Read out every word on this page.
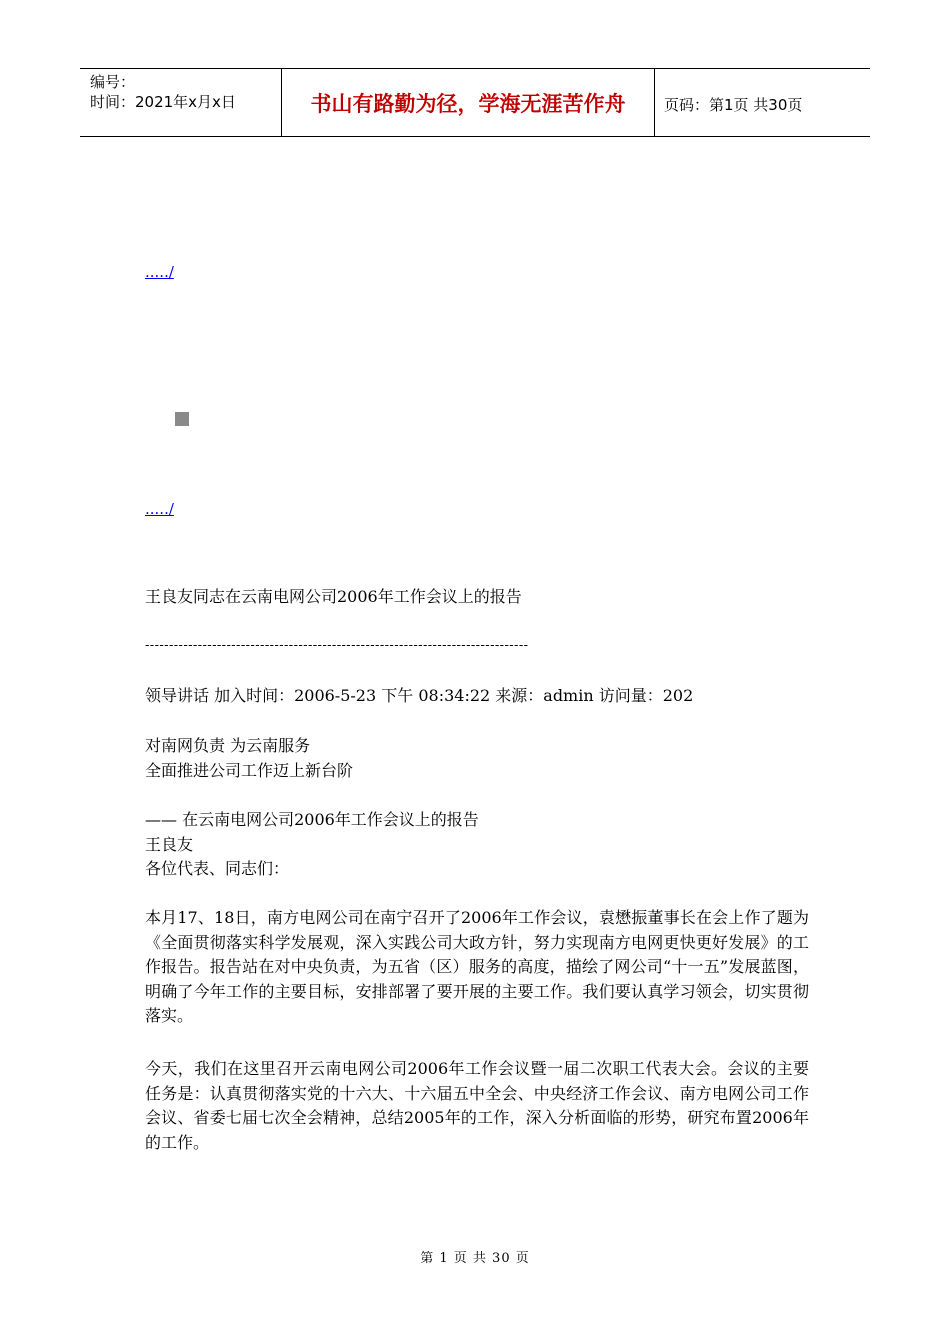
编号：
时间：2021年x月x日	书山有路勤为径，学海无涯苦作舟	页码：第1页 共30页
...../
...../
王良友同志在云南电网公司2006年工作会议上的报告
--------------------------------------------------------------------------------
领导讲话 加入时间：2006-5-23 下午 08:34:22 来源：admin 访问量：202
对南网负责 为云南服务
全面推进公司工作迈上新台阶
—— 在云南电网公司2006年工作会议上的报告
王良友
各位代表、同志们：
本月17、18日，南方电网公司在南宁召开了2006年工作会议，袁懋振董事长在会上作了题为《全面贯彻落实科学发展观，深入实践公司大政方针，努力实现南方电网更快更好发展》的工作报告。报告站在对中央负责，为五省（区）服务的高度，描绘了网公司“十一五”发展蓝图，明确了今年工作的主要目标，安排部署了要开展的主要工作。我们要认真学习领会，切实贯彻落实。
今天，我们在这里召开云南电网公司2006年工作会议暨一届二次职工代表大会。会议的主要任务是：认真贯彻落实党的十六大、十六届五中全会、中央经济工作会议、南方电网公司工作会议、省委七届七次全会精神，总结2005年的工作，深入分析面临的形势，研究布置2006年的工作。
第 1 页 共 30 页
